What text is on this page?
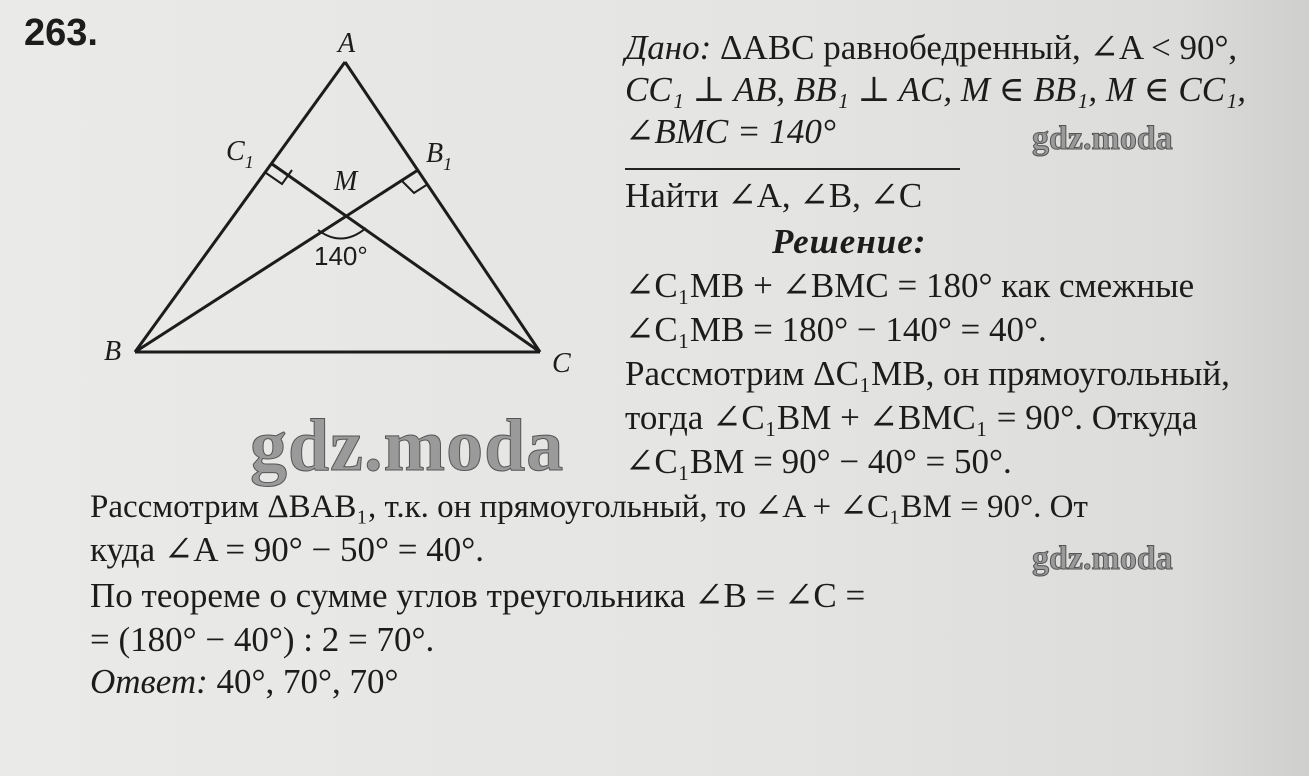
263.	A
B	C
$C_1$	$B_1$
M
140°
Дано: ΔABC равнобедренный, ∠A < 90°,
CC₁ ⊥ AB, BB₁ ⊥ AC, M ∈ BB₁, M ∈ CC₁,
∠BMC = 140°
Найти ∠A, ∠B, ∠C
Решение:
∠C₁MB + ∠BMC = 180° как смежные
∠C₁MB = 180° − 140° = 40°.
Рассмотрим ΔC₁MB, он прямоугольный,
тогда ∠C₁BM + ∠BMC₁ = 90°. Откуда
∠C₁BM = 90° − 40° = 50°.
Рассмотрим ΔBAB₁, т.к. он прямоугольный, то ∠A + ∠C₁BM = 90°. От
куда ∠A = 90° − 50° = 40°.
По теореме о сумме углов треугольника ∠B = ∠C =
= (180° − 40°) : 2 = 70°.
Ответ: 40°, 70°, 70°
gdz.moda
gdz.moda
gdz.moda
